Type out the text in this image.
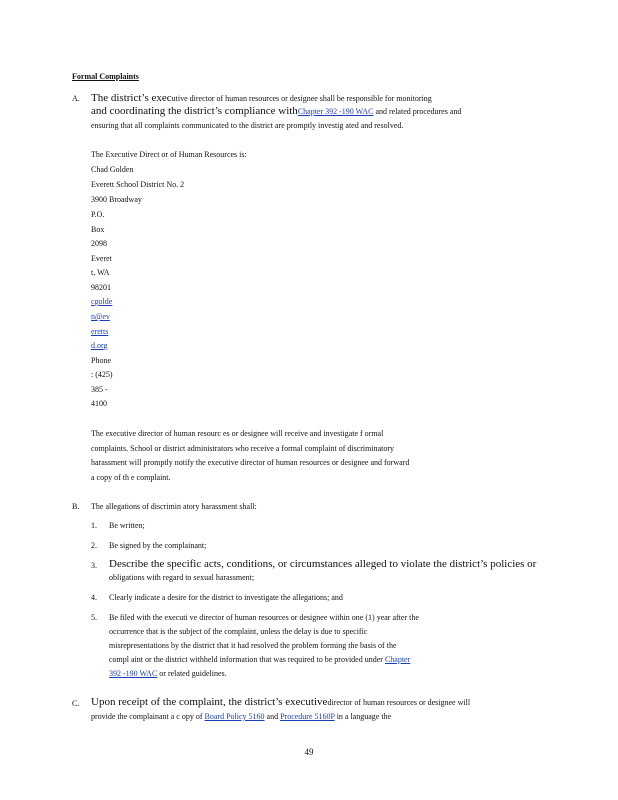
Formal Complaints
A. The district’s executive director of human resources or designee shall be responsible for monitoring
and coordinating the district’s compliance withChapter 392 -190 WAC and related procedures and
ensuring that all complaints communicated to the district are promptly investig ated and resolved.
The Executive Direct or of Human Resources is:
Chad Golden
Everett School District No. 2
3900 Broadway
P.O.
Box
2098
Everet
t, WA
98201
cgolde
n@ev
eretts
d.org
Phone
: (425)
385 -
4100
The executive director of human resourc es or designee will receive and investigate f ormal
complaints. School or district administrators who receive a formal complaint of discriminatory
harassment will promptly notify the executive director of human resources or designee and forward
a copy of th e complaint.
B. The allegations of discrimin atory harassment shall:
1. Be written;
2. Be signed by the complainant;
3. Describe the specific acts, conditions, or circumstances alleged to violate the district’s policies or
obligations with regard to sexual harassment;
4. Clearly indicate a desire for the district to investigate the allegations; and
5. Be filed with the executi ve director of human resources or designee within one (1) year after the
occurrence that is the subject of the complaint, unless the delay is due to specific
misrepresentations by the district that it had resolved the problem forming the basis of the
compl aint or the district withheld information that was required to be provided under Chapter
392 -190 WAC or related guidelines.
C. Upon receipt of the complaint, the district’s executivedirector of human resources or designee will
provide the complainant a c opy of Board Policy 5160 and Procedure 5160P in a language the
49
